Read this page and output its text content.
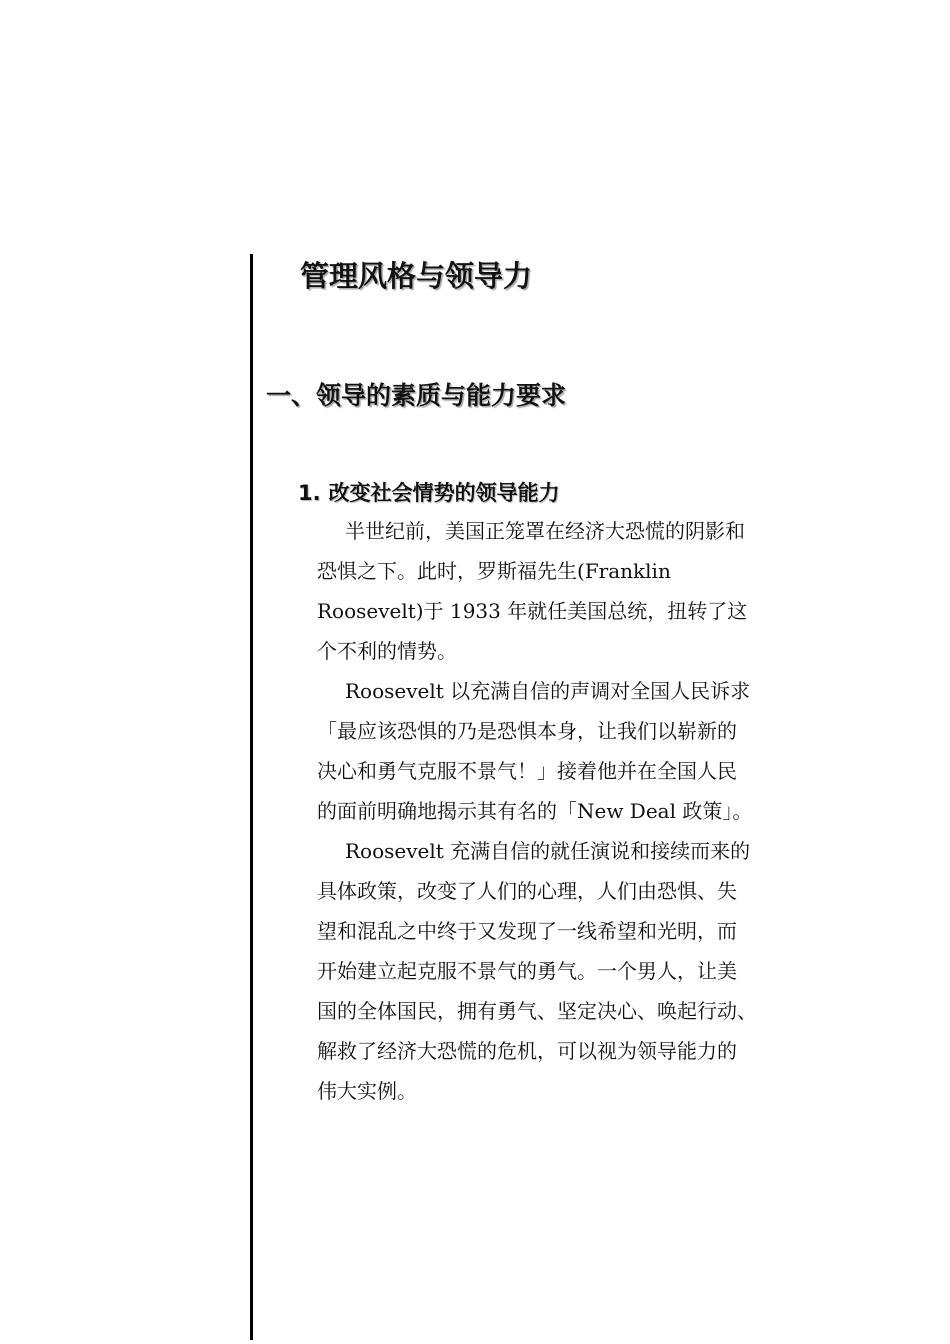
管理风格与领导力
一、领导的素质与能力要求
1. 改变社会情势的领导能力
半世纪前，美国正笼罩在经济大恐慌的阴影和
恐惧之下。此时，罗斯福先生(Franklin
Roosevelt)于 1933 年就任美国总统，扭转了这
个不利的情势。
Roosevelt 以充满自信的声调对全国人民诉求
「最应该恐惧的乃是恐惧本身，让我们以崭新的
决心和勇气克服不景气！」接着他并在全国人民
的面前明确地揭示其有名的「New Deal 政策」。
Roosevelt 充满自信的就任演说和接续而来的
具体政策，改变了人们的心理，人们由恐惧、失
望和混乱之中终于又发现了一线希望和光明，而
开始建立起克服不景气的勇气。一个男人，让美
国的全体国民，拥有勇气、坚定决心、唤起行动、
解救了经济大恐慌的危机，可以视为领导能力的
伟大实例。
